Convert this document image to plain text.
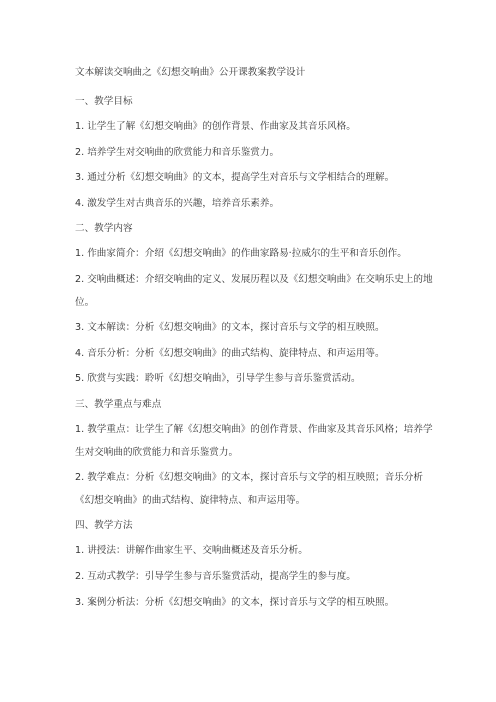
文本解读交响曲之《幻想交响曲》公开课教案教学设计
一、教学目标
1. 让学生了解《幻想交响曲》的创作背景、作曲家及其音乐风格。
2. 培养学生对交响曲的欣赏能力和音乐鉴赏力。
3. 通过分析《幻想交响曲》的文本，提高学生对音乐与文学相结合的理解。
4. 激发学生对古典音乐的兴趣，培养音乐素养。
二、教学内容
1. 作曲家简介：介绍《幻想交响曲》的作曲家路易·拉威尔的生平和音乐创作。
2. 交响曲概述：介绍交响曲的定义、发展历程以及《幻想交响曲》在交响乐史上的地位。
3. 文本解读：分析《幻想交响曲》的文本，探讨音乐与文学的相互映照。
4. 音乐分析：分析《幻想交响曲》的曲式结构、旋律特点、和声运用等。
5. 欣赏与实践：聆听《幻想交响曲》，引导学生参与音乐鉴赏活动。
三、教学重点与难点
1. 教学重点：让学生了解《幻想交响曲》的创作背景、作曲家及其音乐风格；培养学生对交响曲的欣赏能力和音乐鉴赏力。
2. 教学难点：分析《幻想交响曲》的文本，探讨音乐与文学的相互映照；音乐分析《幻想交响曲》的曲式结构、旋律特点、和声运用等。
四、教学方法
1. 讲授法：讲解作曲家生平、交响曲概述及音乐分析。
2. 互动式教学：引导学生参与音乐鉴赏活动，提高学生的参与度。
3. 案例分析法：分析《幻想交响曲》的文本，探讨音乐与文学的相互映照。
